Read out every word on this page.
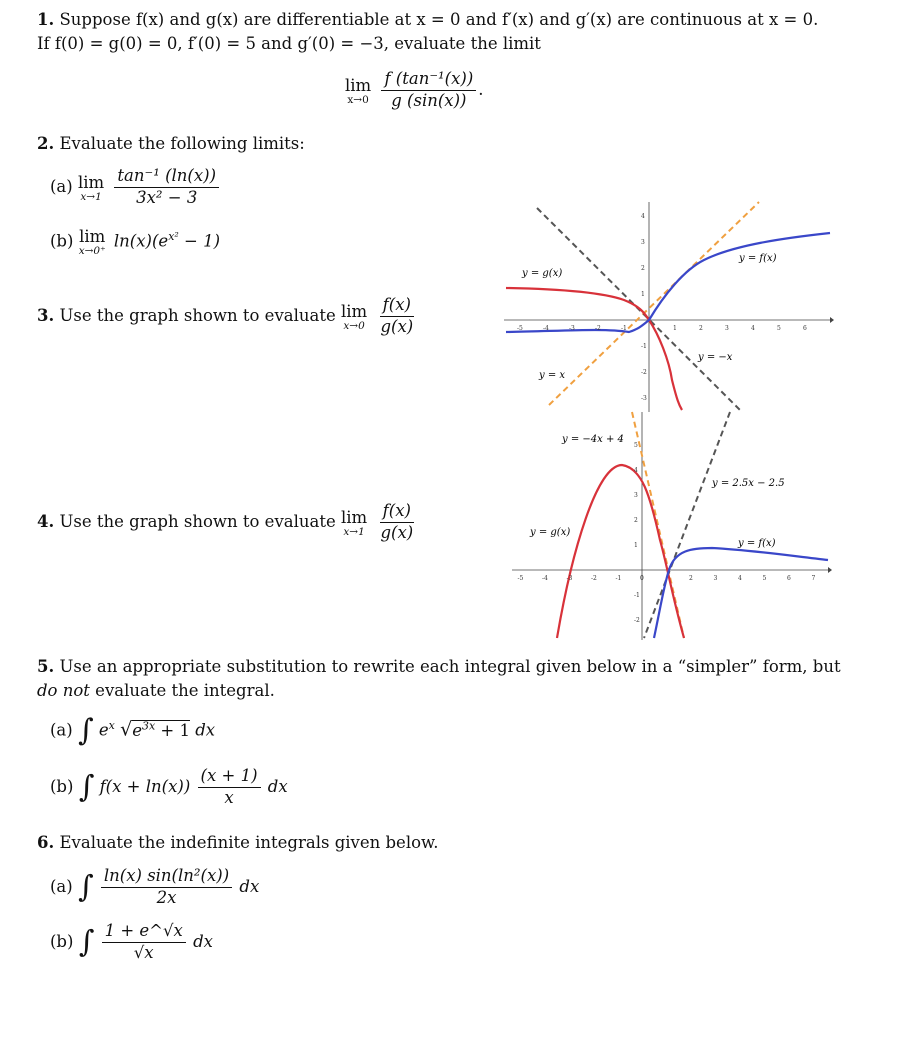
1. Suppose f(x) and g(x) are differentiable at x = 0 and f′(x) and g′(x) are continuous at x = 0.
If f(0) = g(0) = 0, f′(0) = 5 and g′(0) = −3, evaluate the limit
lim
x→0
$\frac{\text{f (tan⁻¹(x))}}{g (\sin(x))}$ .
2. Evaluate the following limits:
(a) lim
x→1
$\frac{\text{tan⁻¹ (ln(x))}}{\text{3x² − 3}}$
(b) lim
x→0⁺
$\ln(x)(e^{x^2} - 1)$
3. Use the graph shown to evaluate lim
x→0
$\frac{f(x)}{g(x)}$
4. Use the graph shown to evaluate lim
x→1
$\frac{f(x)}{g(x)}$
-5	-4	-3	-2	-1	1	2	3	4	5	6
4
3
2
1
-1
-2
-3
y = g(x)
y = f(x)
y = x
y = −x
-5	-4	-3	-2	-1	0	2	3	4	5	6	7
5
4
3
2
1
-1
-2
y = −4x + 4
y = 2.5x − 2.5
y = g(x)
y = f(x)
5. Use an appropriate substitution to rewrite each integral given below in a “simpler” form, but
do not evaluate the integral.
(a) ∫ $e^x$ $√e^{3x} + 1$ dx
(b) ∫ $f(x + \ln(x)) \frac{(x + 1)}{x}$ dx
6. Evaluate the indefinite integrals given below.
(a) ∫ $\frac{\text{ln(x) sin(ln²(x))}}{2x}$ dx
(b) ∫ $\frac{1 + e\^{}√x}{√x}$ dx
